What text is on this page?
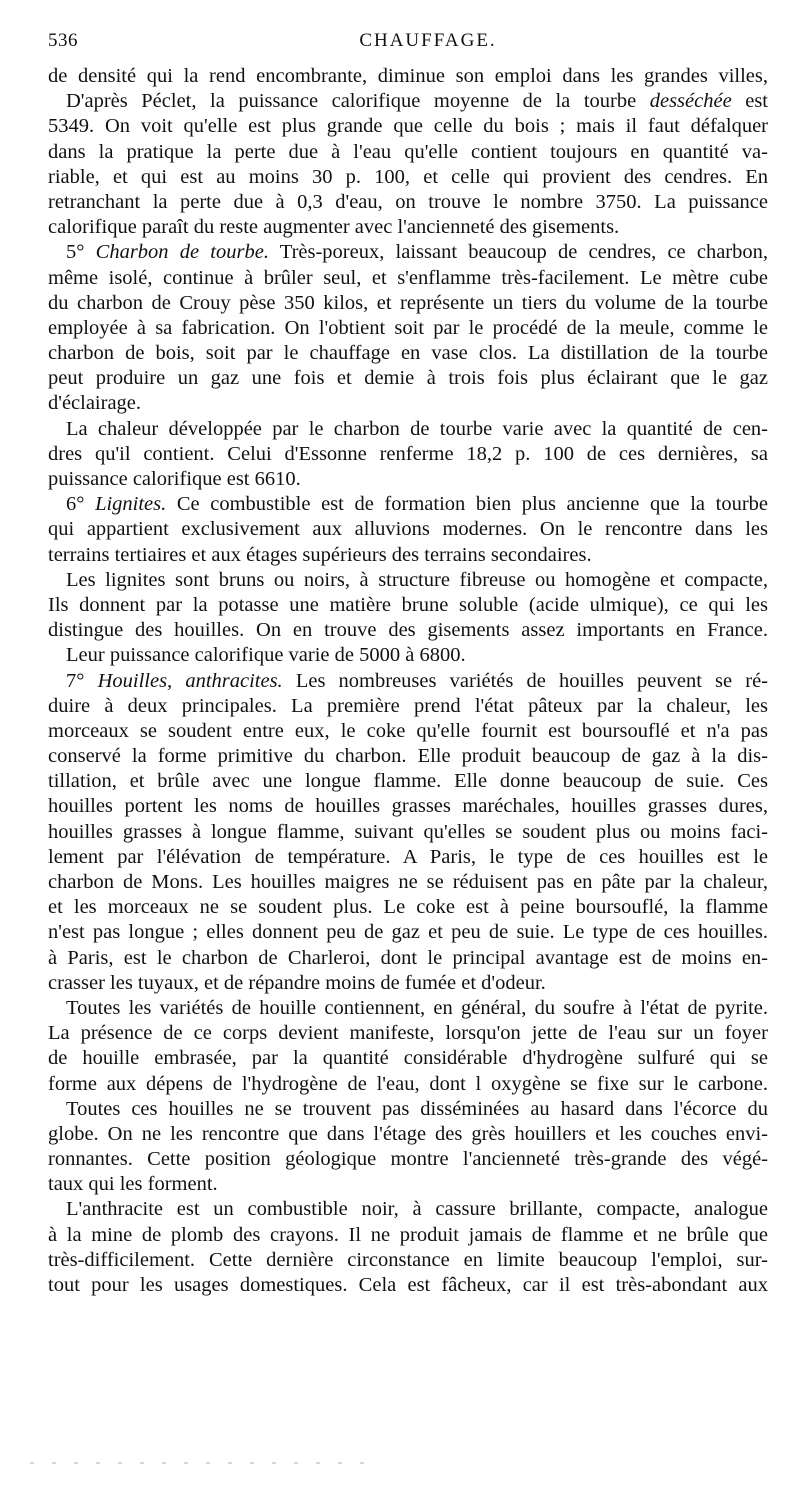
536	CHAUFFAGE.
de densité qui la rend encombrante, diminue son emploi dans les grandes villes,
D'après Péclet, la puissance calorifique moyenne de la tourbe desséchée est
5349. On voit qu'elle est plus grande que celle du bois ; mais il faut défalquer
dans la pratique la perte due à l'eau qu'elle contient toujours en quantité va-
riable, et qui est au moins 30 p. 100, et celle qui provient des cendres. En
retranchant la perte due à 0,3 d'eau, on trouve le nombre 3750. La puissance
calorifique paraît du reste augmenter avec l'ancienneté des gisements.
5° Charbon de tourbe. Très-poreux, laissant beaucoup de cendres, ce charbon,
même isolé, continue à brûler seul, et s'enflamme très-facilement. Le mètre cube
du charbon de Crouy pèse 350 kilos, et représente un tiers du volume de la tourbe
employée à sa fabrication. On l'obtient soit par le procédé de la meule, comme le
charbon de bois, soit par le chauffage en vase clos. La distillation de la tourbe
peut produire un gaz une fois et demie à trois fois plus éclairant que le gaz
d'éclairage.
La chaleur développée par le charbon de tourbe varie avec la quantité de cen-
dres qu'il contient. Celui d'Essonne renferme 18,2 p. 100 de ces dernières, sa
puissance calorifique est 6610.
6° Lignites. Ce combustible est de formation bien plus ancienne que la tourbe
qui appartient exclusivement aux alluvions modernes. On le rencontre dans les
terrains tertiaires et aux étages supérieurs des terrains secondaires.
Les lignites sont bruns ou noirs, à structure fibreuse ou homogène et compacte,
Ils donnent par la potasse une matière brune soluble (acide ulmique), ce qui les
distingue des houilles. On en trouve des gisements assez importants en France.
Leur puissance calorifique varie de 5000 à 6800.
7° Houilles, anthracites. Les nombreuses variétés de houilles peuvent se ré-
duire à deux principales. La première prend l'état pâteux par la chaleur, les
morceaux se soudent entre eux, le coke qu'elle fournit est boursouflé et n'a pas
conservé la forme primitive du charbon. Elle produit beaucoup de gaz à la dis-
tillation, et brûle avec une longue flamme. Elle donne beaucoup de suie. Ces
houilles portent les noms de houilles grasses maréchales, houilles grasses dures,
houilles grasses à longue flamme, suivant qu'elles se soudent plus ou moins faci-
lement par l'élévation de température. A Paris, le type de ces houilles est le
charbon de Mons. Les houilles maigres ne se réduisent pas en pâte par la chaleur,
et les morceaux ne se soudent plus. Le coke est à peine boursouflé, la flamme
n'est pas longue ; elles donnent peu de gaz et peu de suie. Le type de ces houilles.
à Paris, est le charbon de Charleroi, dont le principal avantage est de moins en-
crasser les tuyaux, et de répandre moins de fumée et d'odeur.
Toutes les variétés de houille contiennent, en général, du soufre à l'état de pyrite.
La présence de ce corps devient manifeste, lorsqu'on jette de l'eau sur un foyer
de houille embrasée, par la quantité considérable d'hydrogène sulfuré qui se
forme aux dépens de l'hydrogène de l'eau, dont l oxygène se fixe sur le carbone.
Toutes ces houilles ne se trouvent pas disséminées au hasard dans l'écorce du
globe. On ne les rencontre que dans l'étage des grès houillers et les couches envi-
ronnantes. Cette position géologique montre l'ancienneté très-grande des végé-
taux qui les forment.
L'anthracite est un combustible noir, à cassure brillante, compacte, analogue
à la mine de plomb des crayons. Il ne produit jamais de flamme et ne brûle que
très-difficilement. Cette dernière circonstance en limite beaucoup l'emploi, sur-
tout pour les usages domestiques. Cela est fâcheux, car il est très-abondant aux
